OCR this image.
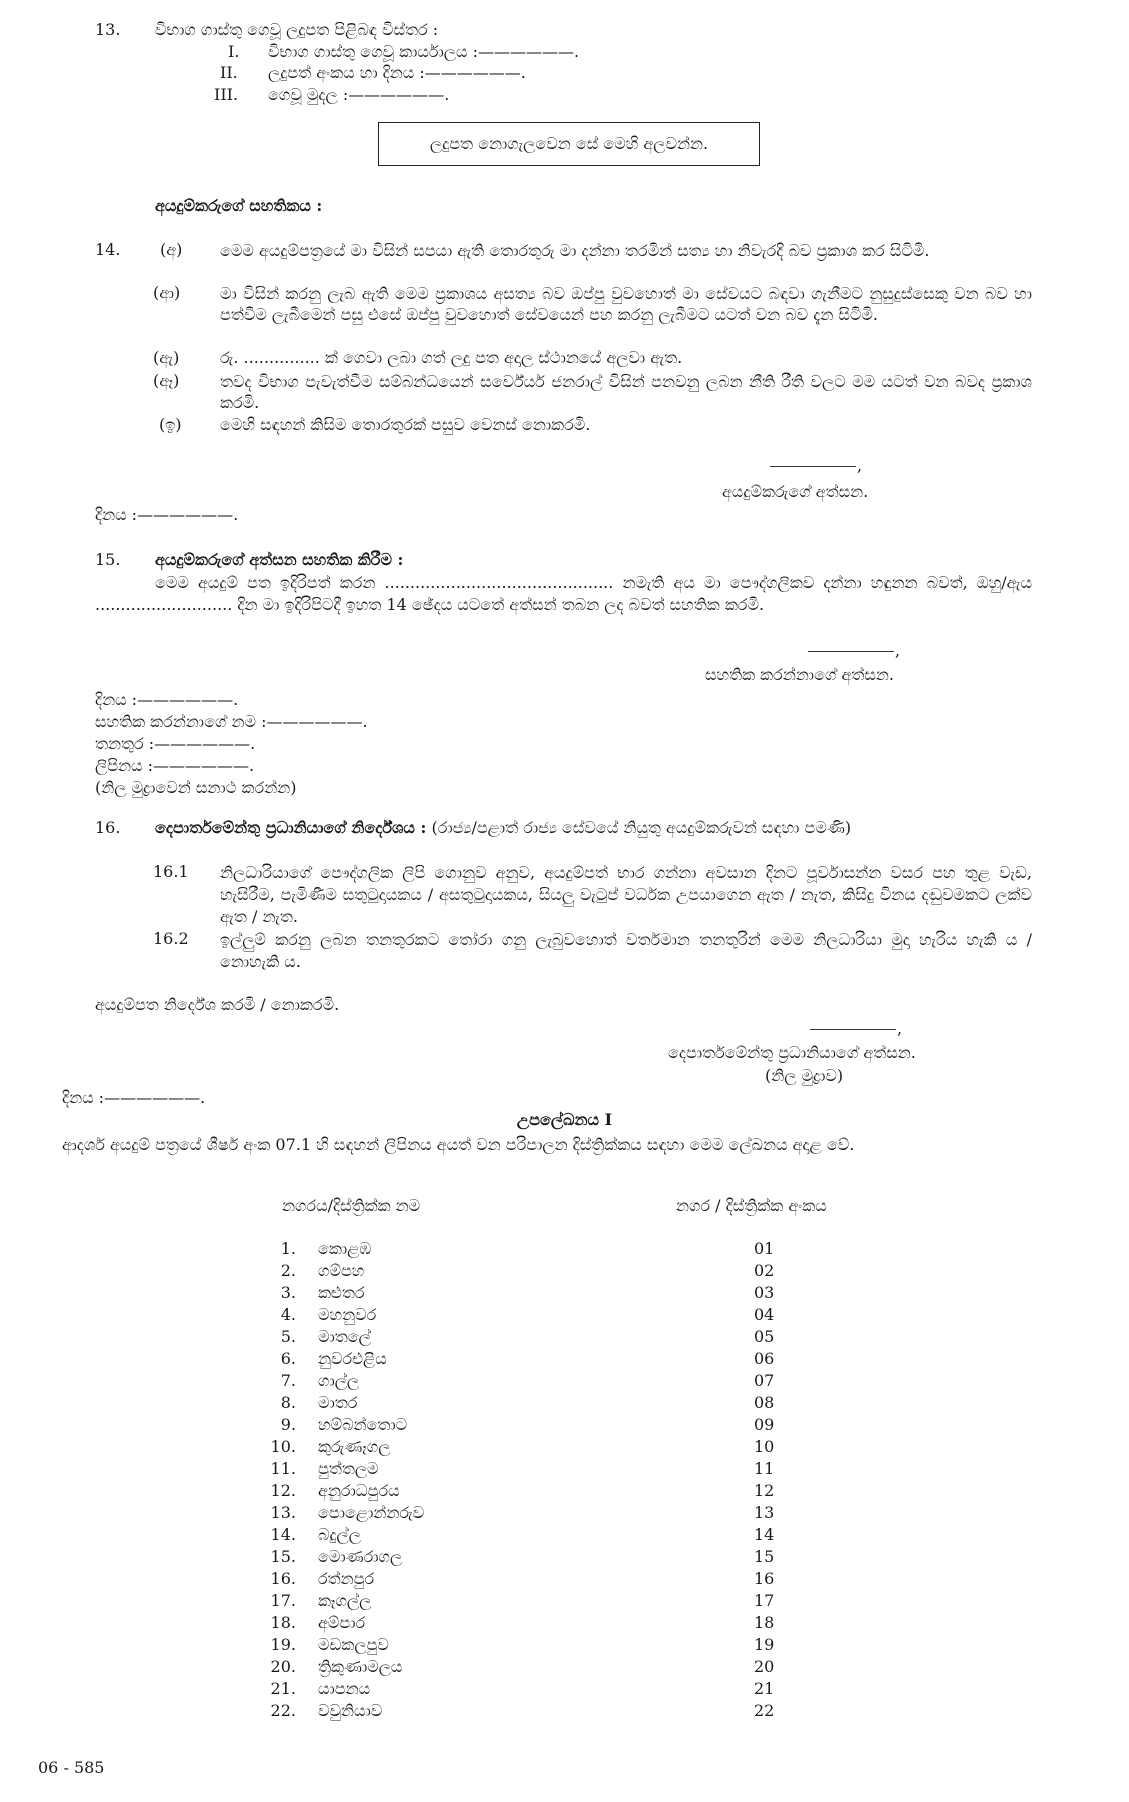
13. විභාග ගාස්තු ගෙවූ ලදුපත පිළිබඳ විස්තර :
I. විභාග ගාස්තු ගෙවූ කාර්යාලය :——————.
II. ලදුපත් අංකය හා දිනය :——————.
III. ගෙවූ මුදල :——————.
ලදුපත නොගැලවෙන සේ මෙහි අලවන්න.
අයදුම්කරුගේ සහතිකය :
14. (අ) මෙම අයදුම්පත්‍රයේ මා විසින් සපයා ඇති තොරතුරු මා දන්නා තරමින් සත්‍ය හා නිවැරදි බව ප්‍රකාශ කර සිටිමි.
(ආ) මා විසින් කරනු ලැබ ඇති මෙම ප්‍රකාශය අසත්‍ය බව ඔප්පු වුවහොත් මා සේවයට බඳවා ගැනීමට නුසුදුස්සෙකු වන බව හා පත්වීම ලැබීමෙන් පසු එසේ ඔප්පු වුවහොත් සේවයෙන් පහ කරනු ලැබීමට යටත් වන බව දැන සිටිමි.
(ඇ)	රු. ............... ක් ගෙවා ලබා ගත් ලදු පත අදාල ස්ථානයේ අලවා ඇත.
(ඈ)	තවද විභාග පැවැත්වීම සම්බන්ධයෙන් සර්වේයර් ජනරාල් විසින් පනවනු ලබන නීති රීති වලට මම යටත් වන බවද ප්‍රකාශ කරමි.
(ඉ) මෙහි සඳහන් කිසිම තොරතුරක් පසුව වෙනස් නොකරමි.
,
අයදුම්කරුගේ අත්සන.
දිනය :——————.
15. අයදුම්කරුගේ අත්සන සහතික කිරීම :
මෙම අයදුම් පත ඉදිරිපත් කරන ............................................. නමැති අය මා පෞද්ගලිකව දන්නා හඳුනන බවත්, ඔහු/ඇය ........................... දින මා ඉදිරිපිටදී ඉහත 14 ඡේදය යටතේ අත්සන් තබන ලද බවත් සහතික කරමි.
,
සහතික කරන්නාගේ අත්සන.
දිනය :——————.
සහතික කරන්නාගේ නම :——————.
තනතුර :——————.
ලිපිනය :——————.
(නිල මුද්‍රාවෙන් සනාථ කරන්න)
16. දෙපාර්තමේන්තු ප්‍රධානියාගේ නිර්දේශය : (රාජ්‍ය/පළාත් රාජ්‍ය සේවයේ නියුතු අයදුම්කරුවන් සඳහා පමණි)
16.1 නිලධාරියාගේ පෞද්ගලික ලිපි ගොනුව අනුව, අයදුම්පත් භාර ගන්නා අවසාන දිනට පූර්වාසන්න වසර පහ තුළ වැඩ, හැසිරීම, පැමිණීම සතුටුදායකය / අසතුටුදායකය, සියලු වැටුප් වර්ධක උපයාගෙන ඇත / නැත, කිසිදු විනය දඬුවමකට ලක්ව ඇත / නැත.
16.2 ඉල්ලුම් කරනු ලබන තනතුරකට තෝරා ගනු ලැබුවහොත් වර්තමාන තනතුරින් මෙම නිලධාරියා මුදා හැරිය හැකි ය / නොහැකි ය.
අයදුම්පත නිර්දේශ කරමි / නොකරමි.
,
දෙපාර්තමේන්තු ප්‍රධානියාගේ අත්සන.
(නිල මුද්‍රාව)
දිනය :——————.
උපලේඛනය I
ආදර්ශ අයදුම් පත්‍රයේ ශීර්ෂ අංක 07.1 හි සඳහන් ලිපිනය අයත් වන පරිපාලන දිස්ත්‍රික්කය සඳහා මෙම ලේඛනය අදාළ වේ.
නගරය/දිස්ත්‍රික්ක නම	නගර / දිස්ත්‍රික්ක අංකය
1. කොළඹ	01
2. ගම්පහ	02
3. කළුතර	03
4. මහනුවර	04
5. මාතලේ	05
6. නුවරඑළිය	06
7. ගාල්ල	07
8. මාතර	08
9. හම්බන්තොට	09
10. කුරුණෑගල	10
11. පුත්තලම	11
12. අනුරාධපුරය	12
13. පොළොන්නරුව	13
14. බදුල්ල	14
15. මොණරාගල	15
16. රත්නපුර	16
17. කෑගල්ල	17
18. අම්පාර	18
19. මඩකලපුව	19
20. ත්‍රිකුණාමලය	20
21. යාපනය	21
22. වවුනියාව	22
06 - 585
